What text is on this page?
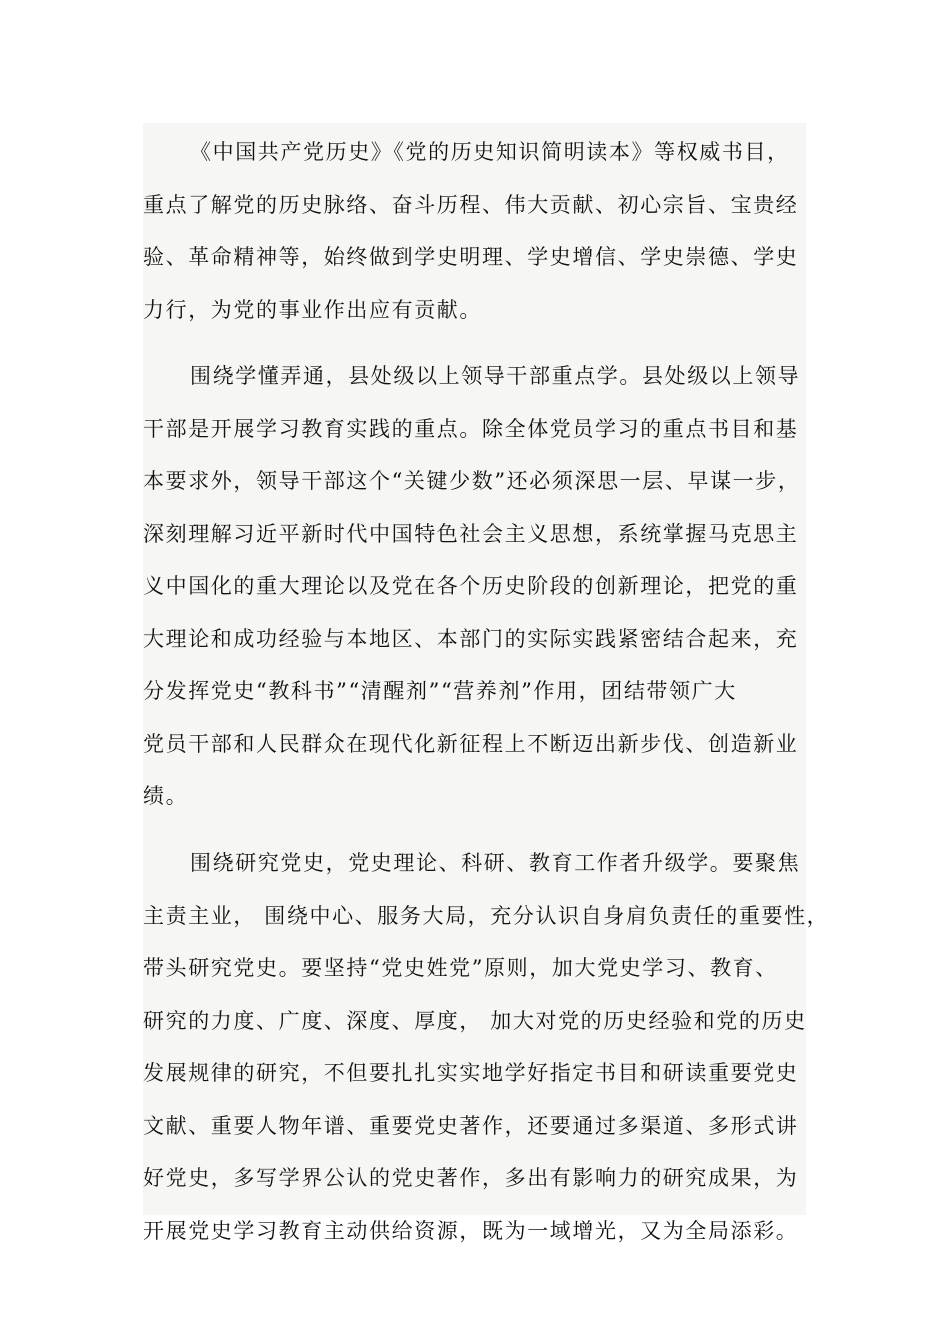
《中国共产党历史》《党的历史知识简明读本》等权威书目，
重点了解党的历史脉络、奋斗历程、伟大贡献、初心宗旨、宝贵经
验、革命精神等，始终做到学史明理、学史增信、学史崇德、学史
力行，为党的事业作出应有贡献。
围绕学懂弄通，县处级以上领导干部重点学。县处级以上领导
干部是开展学习教育实践的重点。除全体党员学习的重点书目和基
本要求外，领导干部这个“关键少数”还必须深思一层、早谋一步，
深刻理解习近平新时代中国特色社会主义思想，系统掌握马克思主
义中国化的重大理论以及党在各个历史阶段的创新理论，把党的重
大理论和成功经验与本地区、本部门的实际实践紧密结合起来，充
分发挥党史“教科书”“清醒剂”“营养剂”作用，团结带领广大
党员干部和人民群众在现代化新征程上不断迈出新步伐、创造新业
绩。
围绕研究党史，党史理论、科研、教育工作者升级学。要聚焦
主责主业， 围绕中心、服务大局，充分认识自身肩负责任的重要性，
带头研究党史。要坚持“党史姓党”原则，加大党史学习、教育、
研究的力度、广度、深度、厚度， 加大对党的历史经验和党的历史
发展规律的研究，不但要扎扎实实地学好指定书目和研读重要党史
文献、重要人物年谱、重要党史著作，还要通过多渠道、多形式讲
好党史，多写学界公认的党史著作，多出有影响力的研究成果，为
开展党史学习教育主动供给资源，既为一域增光，又为全局添彩。
